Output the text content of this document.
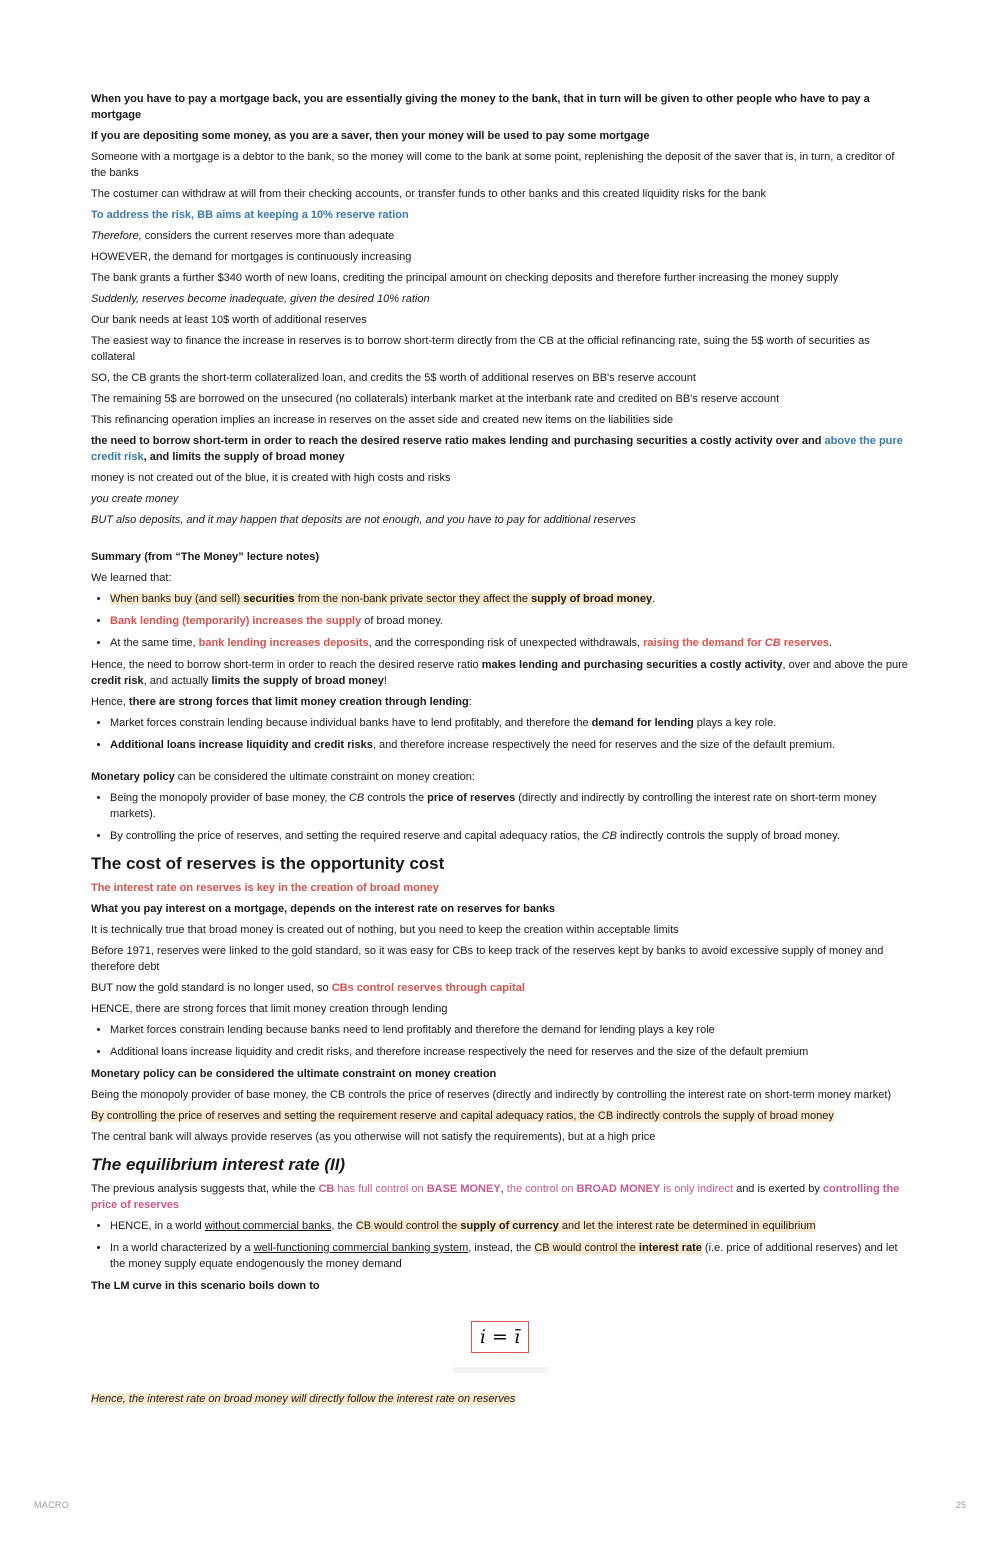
When you have to pay a mortgage back, you are essentially giving the money to the bank, that in turn will be given to other people who have to pay a mortgage

If you are depositing some money, as you are a saver, then your money will be used to pay some mortgage

Someone with a mortgage is a debtor to the bank, so the money will come to the bank at some point, replenishing the deposit of the saver that is, in turn, a creditor of the banks

The costumer can withdraw at will from their checking accounts, or transfer funds to other banks and this created liquidity risks for the bank

To address the risk, BB aims at keeping a 10% reserve ration

Therefore, considers the current reserves more than adequate

HOWEVER, the demand for mortgages is continuously increasing

The bank grants a further $340 worth of new loans, crediting the principal amount on checking deposits and therefore further increasing the money supply

Suddenly, reserves become inadequate, given the desired 10% ration

Our bank needs at least 10$ worth of additional reserves

The easiest way to finance the increase in reserves is to borrow short-term directly from the CB at the official refinancing rate, suing the 5$ worth of securities as collateral

SO, the CB grants the short-term collateralized loan, and credits the 5$ worth of additional reserves on BB's reserve account

The remaining 5$ are borrowed on the unsecured (no collaterals) interbank market at the interbank rate and credited on BB's reserve account

This refinancing operation implies an increase in reserves on the asset side and created new items on the liabilities side

the need to borrow short-term in order to reach the desired reserve ratio makes lending and purchasing securities a costly activity over and above the pure credit risk, and limits the supply of broad money

money is not created out of the blue, it is created with high costs and risks

you create money

BUT also deposits, and it may happen that deposits are not enough, and you have to pay for additional reserves

Summary (from “The Money” lecture notes)

We learned that:

• When banks buy (and sell) securities from the non-bank private sector they affect the supply of broad money.
• Bank lending (temporarily) increases the supply of broad money.
• At the same time, bank lending increases deposits, and the corresponding risk of unexpected withdrawals, raising the demand for CB reserves.

Hence, the need to borrow short-term in order to reach the desired reserve ratio makes lending and purchasing securities a costly activity, over and above the pure credit risk, and actually limits the supply of broad money!

Hence, there are strong forces that limit money creation through lending:

• Market forces constrain lending because individual banks have to lend profitably, and therefore the demand for lending plays a key role.
• Additional loans increase liquidity and credit risks, and therefore increase respectively the need for reserves and the size of the default premium.

Monetary policy can be considered the ultimate constraint on money creation:

• Being the monopoly provider of base money, the CB controls the price of reserves (directly and indirectly by controlling the interest rate on short-term money markets).
• By controlling the price of reserves, and setting the required reserve and capital adequacy ratios, the CB indirectly controls the supply of broad money.
The cost of reserves is the opportunity cost

The interest rate on reserves is key in the creation of broad money

What you pay interest on a mortgage, depends on the interest rate on reserves for banks

It is technically true that broad money is created out of nothing, but you need to keep the creation within acceptable limits

Before 1971, reserves were linked to the gold standard, so it was easy for CBs to keep track of the reserves kept by banks to avoid excessive supply of money and therefore debt

BUT now the gold standard is no longer used, so CBs control reserves through capital

HENCE, there are strong forces that limit money creation through lending

• Market forces constrain lending because banks need to lend profitably and therefore the demand for lending plays a key role
• Additional loans increase liquidity and credit risks, and therefore increase respectively the need for reserves and the size of the default premium

Monetary policy can be considered the ultimate constraint on money creation

Being the monopoly provider of base money, the CB controls the price of reserves (directly and indirectly by controlling the interest rate on short-term money market)

By controlling the price of reserves and setting the requirement reserve and capital adequacy ratios, the CB indirectly controls the supply of broad money

The central bank will always provide reserves (as you otherwise will not satisfy the requirements), but at a high price

The equilibrium interest rate (II)

The previous analysis suggests that, while the CB has full control on BASE MONEY, the control on BROAD MONEY is only indirect and is exerted by controlling the price of reserves

• HENCE, in a world without commercial banks, the CB would control the supply of currency and let the interest rate be determined in equilibrium
• In a world characterized by a well-functioning commercial banking system, instead, the CB would control the interest rate (i.e. price of additional reserves) and let the money supply equate endogenously the money demand

The LM curve in this scenario boils down to

i = ī

Hence, the interest rate on broad money will directly follow the interest rate on reserves

MACRO	25
